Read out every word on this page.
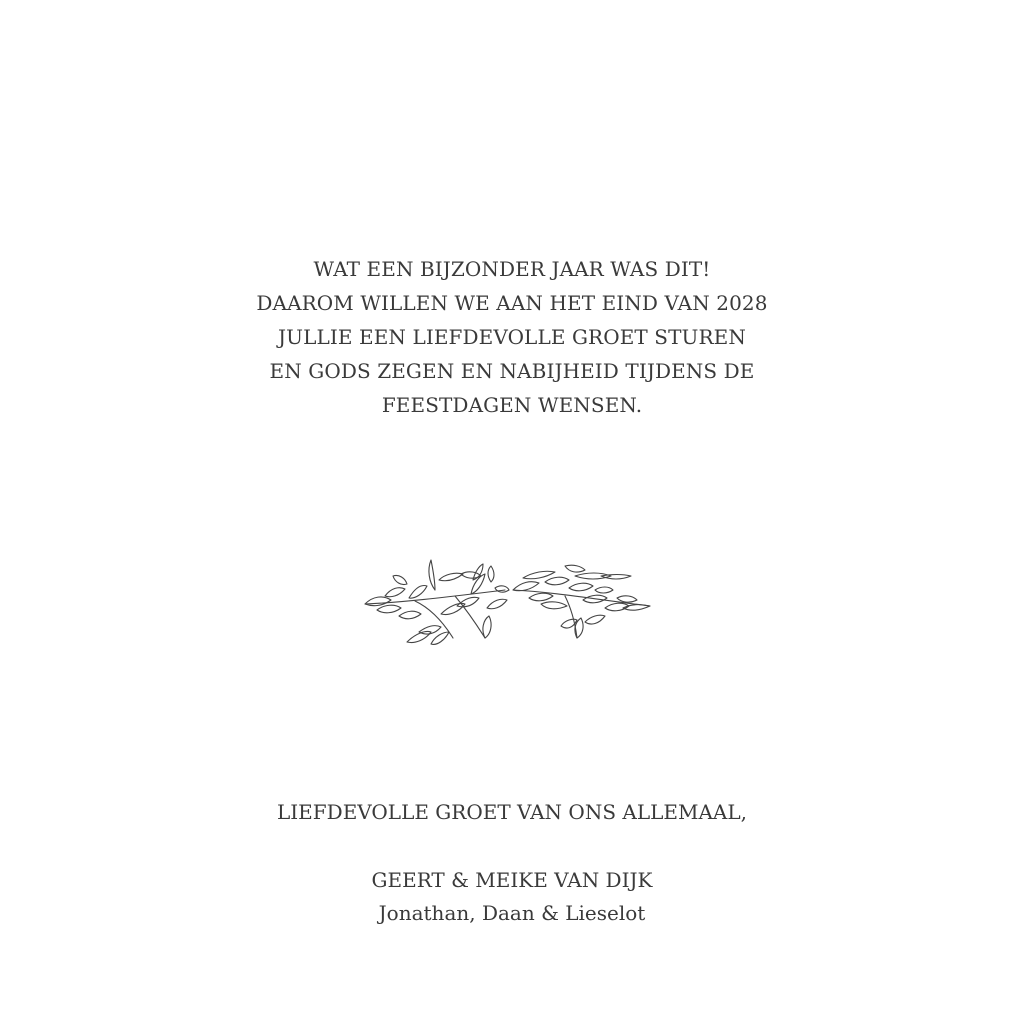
WAT EEN BIJZONDER JAAR WAS DIT!
DAAROM WILLEN WE AAN HET EIND VAN 2028
JULLIE EEN LIEFDEVOLLE GROET STUREN
EN GODS ZEGEN EN NABIJHEID TIJDENS DE
FEESTDAGEN WENSEN.
LIEFDEVOLLE GROET VAN ONS ALLEMAAL,
GEERT & MEIKE VAN DIJK
Jonathan, Daan & Lieselot
